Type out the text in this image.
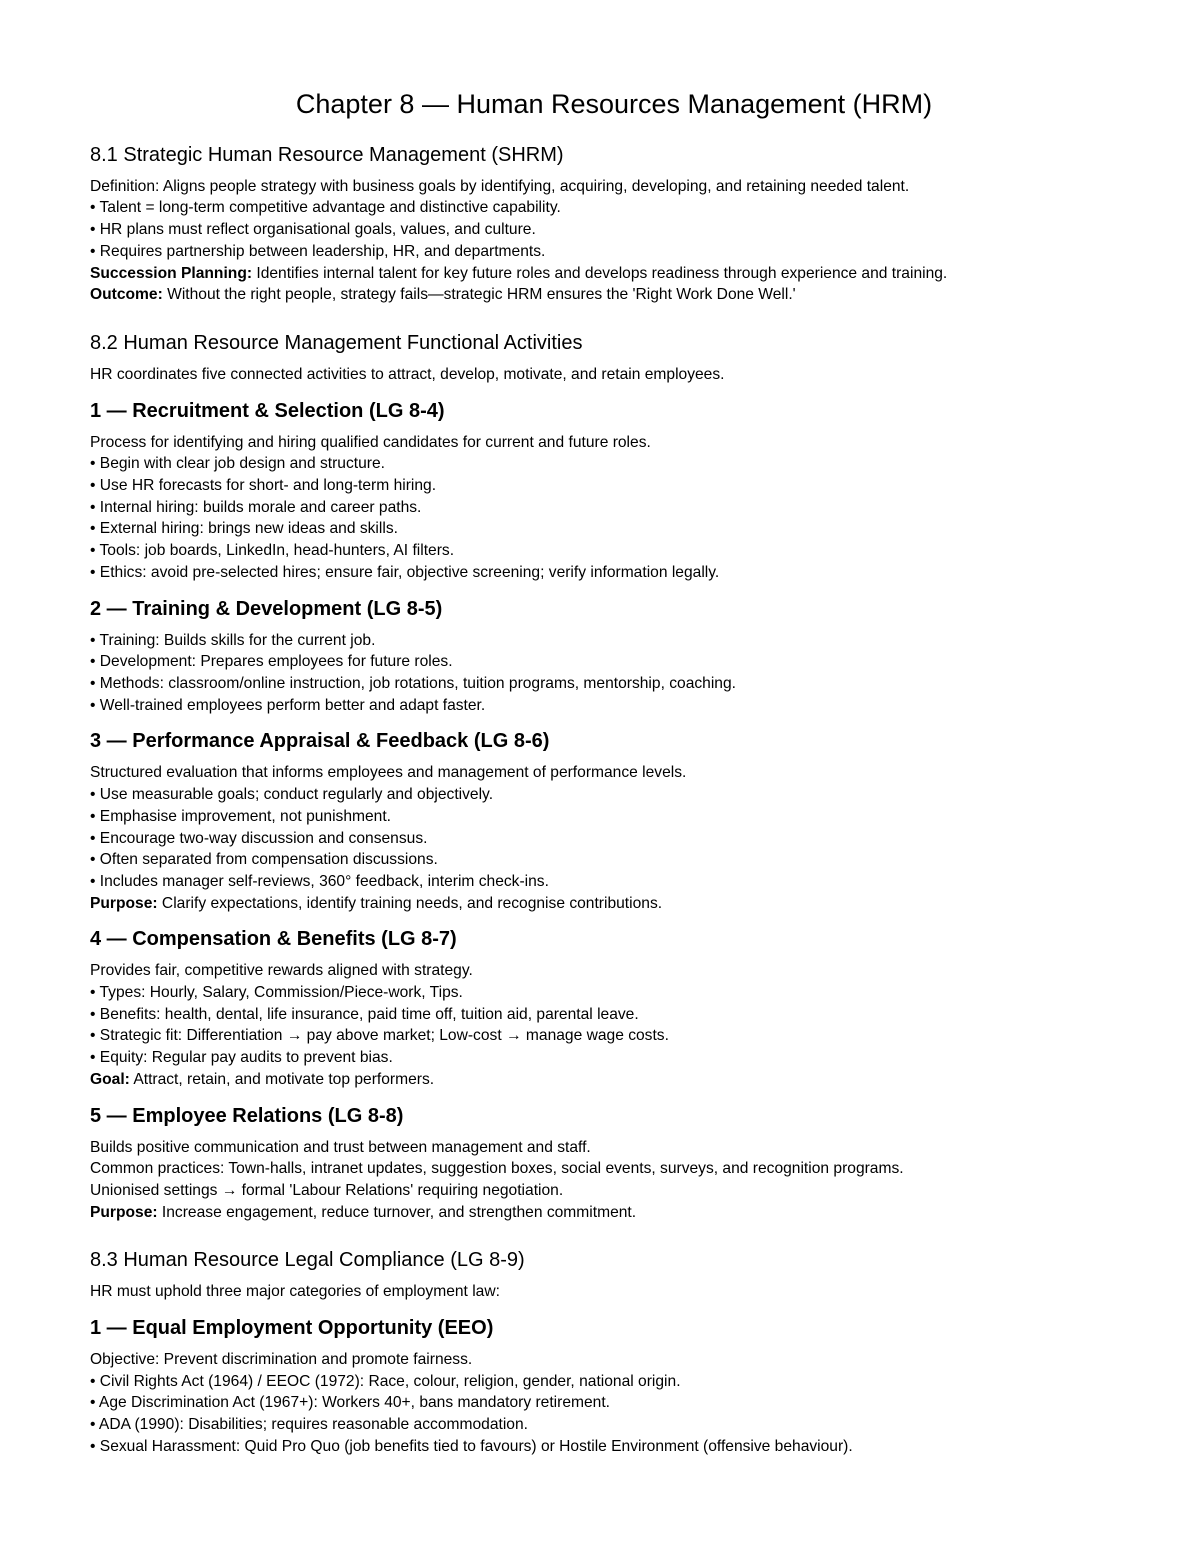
Chapter 8 — Human Resources Management (HRM)
8.1 Strategic Human Resource Management (SHRM)

Definition: Aligns people strategy with business goals by identifying, acquiring, developing, and retaining needed talent.

• Talent = long-term competitive advantage and distinctive capability.

• HR plans must reflect organisational goals, values, and culture.

• Requires partnership between leadership, HR, and departments.

Succession Planning: Identifies internal talent for key future roles and develops readiness through experience and training.

Outcome: Without the right people, strategy fails—strategic HRM ensures the 'Right Work Done Well.'

8.2 Human Resource Management Functional Activities

HR coordinates five connected activities to attract, develop, motivate, and retain employees.

1 — Recruitment & Selection (LG 8-4)

Process for identifying and hiring qualified candidates for current and future roles.

• Begin with clear job design and structure.

• Use HR forecasts for short- and long-term hiring.

• Internal hiring: builds morale and career paths.

• External hiring: brings new ideas and skills.

• Tools: job boards, LinkedIn, head-hunters, AI filters.

• Ethics: avoid pre-selected hires; ensure fair, objective screening; verify information legally.

2 — Training & Development (LG 8-5)

• Training: Builds skills for the current job.

• Development: Prepares employees for future roles.

• Methods: classroom/online instruction, job rotations, tuition programs, mentorship, coaching.

• Well-trained employees perform better and adapt faster.

3 — Performance Appraisal & Feedback (LG 8-6)

Structured evaluation that informs employees and management of performance levels.

• Use measurable goals; conduct regularly and objectively.

• Emphasise improvement, not punishment.

• Encourage two-way discussion and consensus.

• Often separated from compensation discussions.

• Includes manager self-reviews, 360° feedback, interim check-ins.

Purpose: Clarify expectations, identify training needs, and recognise contributions.

4 — Compensation & Benefits (LG 8-7)

Provides fair, competitive rewards aligned with strategy.

• Types: Hourly, Salary, Commission/Piece-work, Tips.

• Benefits: health, dental, life insurance, paid time off, tuition aid, parental leave.

• Strategic fit: Differentiation → pay above market; Low-cost → manage wage costs.

• Equity: Regular pay audits to prevent bias.

Goal: Attract, retain, and motivate top performers.

5 — Employee Relations (LG 8-8)

Builds positive communication and trust between management and staff.

Common practices: Town-halls, intranet updates, suggestion boxes, social events, surveys, and recognition programs.

Unionised settings → formal 'Labour Relations' requiring negotiation.

Purpose: Increase engagement, reduce turnover, and strengthen commitment.

8.3 Human Resource Legal Compliance (LG 8-9)

HR must uphold three major categories of employment law:

1 — Equal Employment Opportunity (EEO)

Objective: Prevent discrimination and promote fairness.

• Civil Rights Act (1964) / EEOC (1972): Race, colour, religion, gender, national origin.

• Age Discrimination Act (1967+): Workers 40+, bans mandatory retirement.

• ADA (1990): Disabilities; requires reasonable accommodation.

• Sexual Harassment: Quid Pro Quo (job benefits tied to favours) or Hostile Environment (offensive behaviour).
